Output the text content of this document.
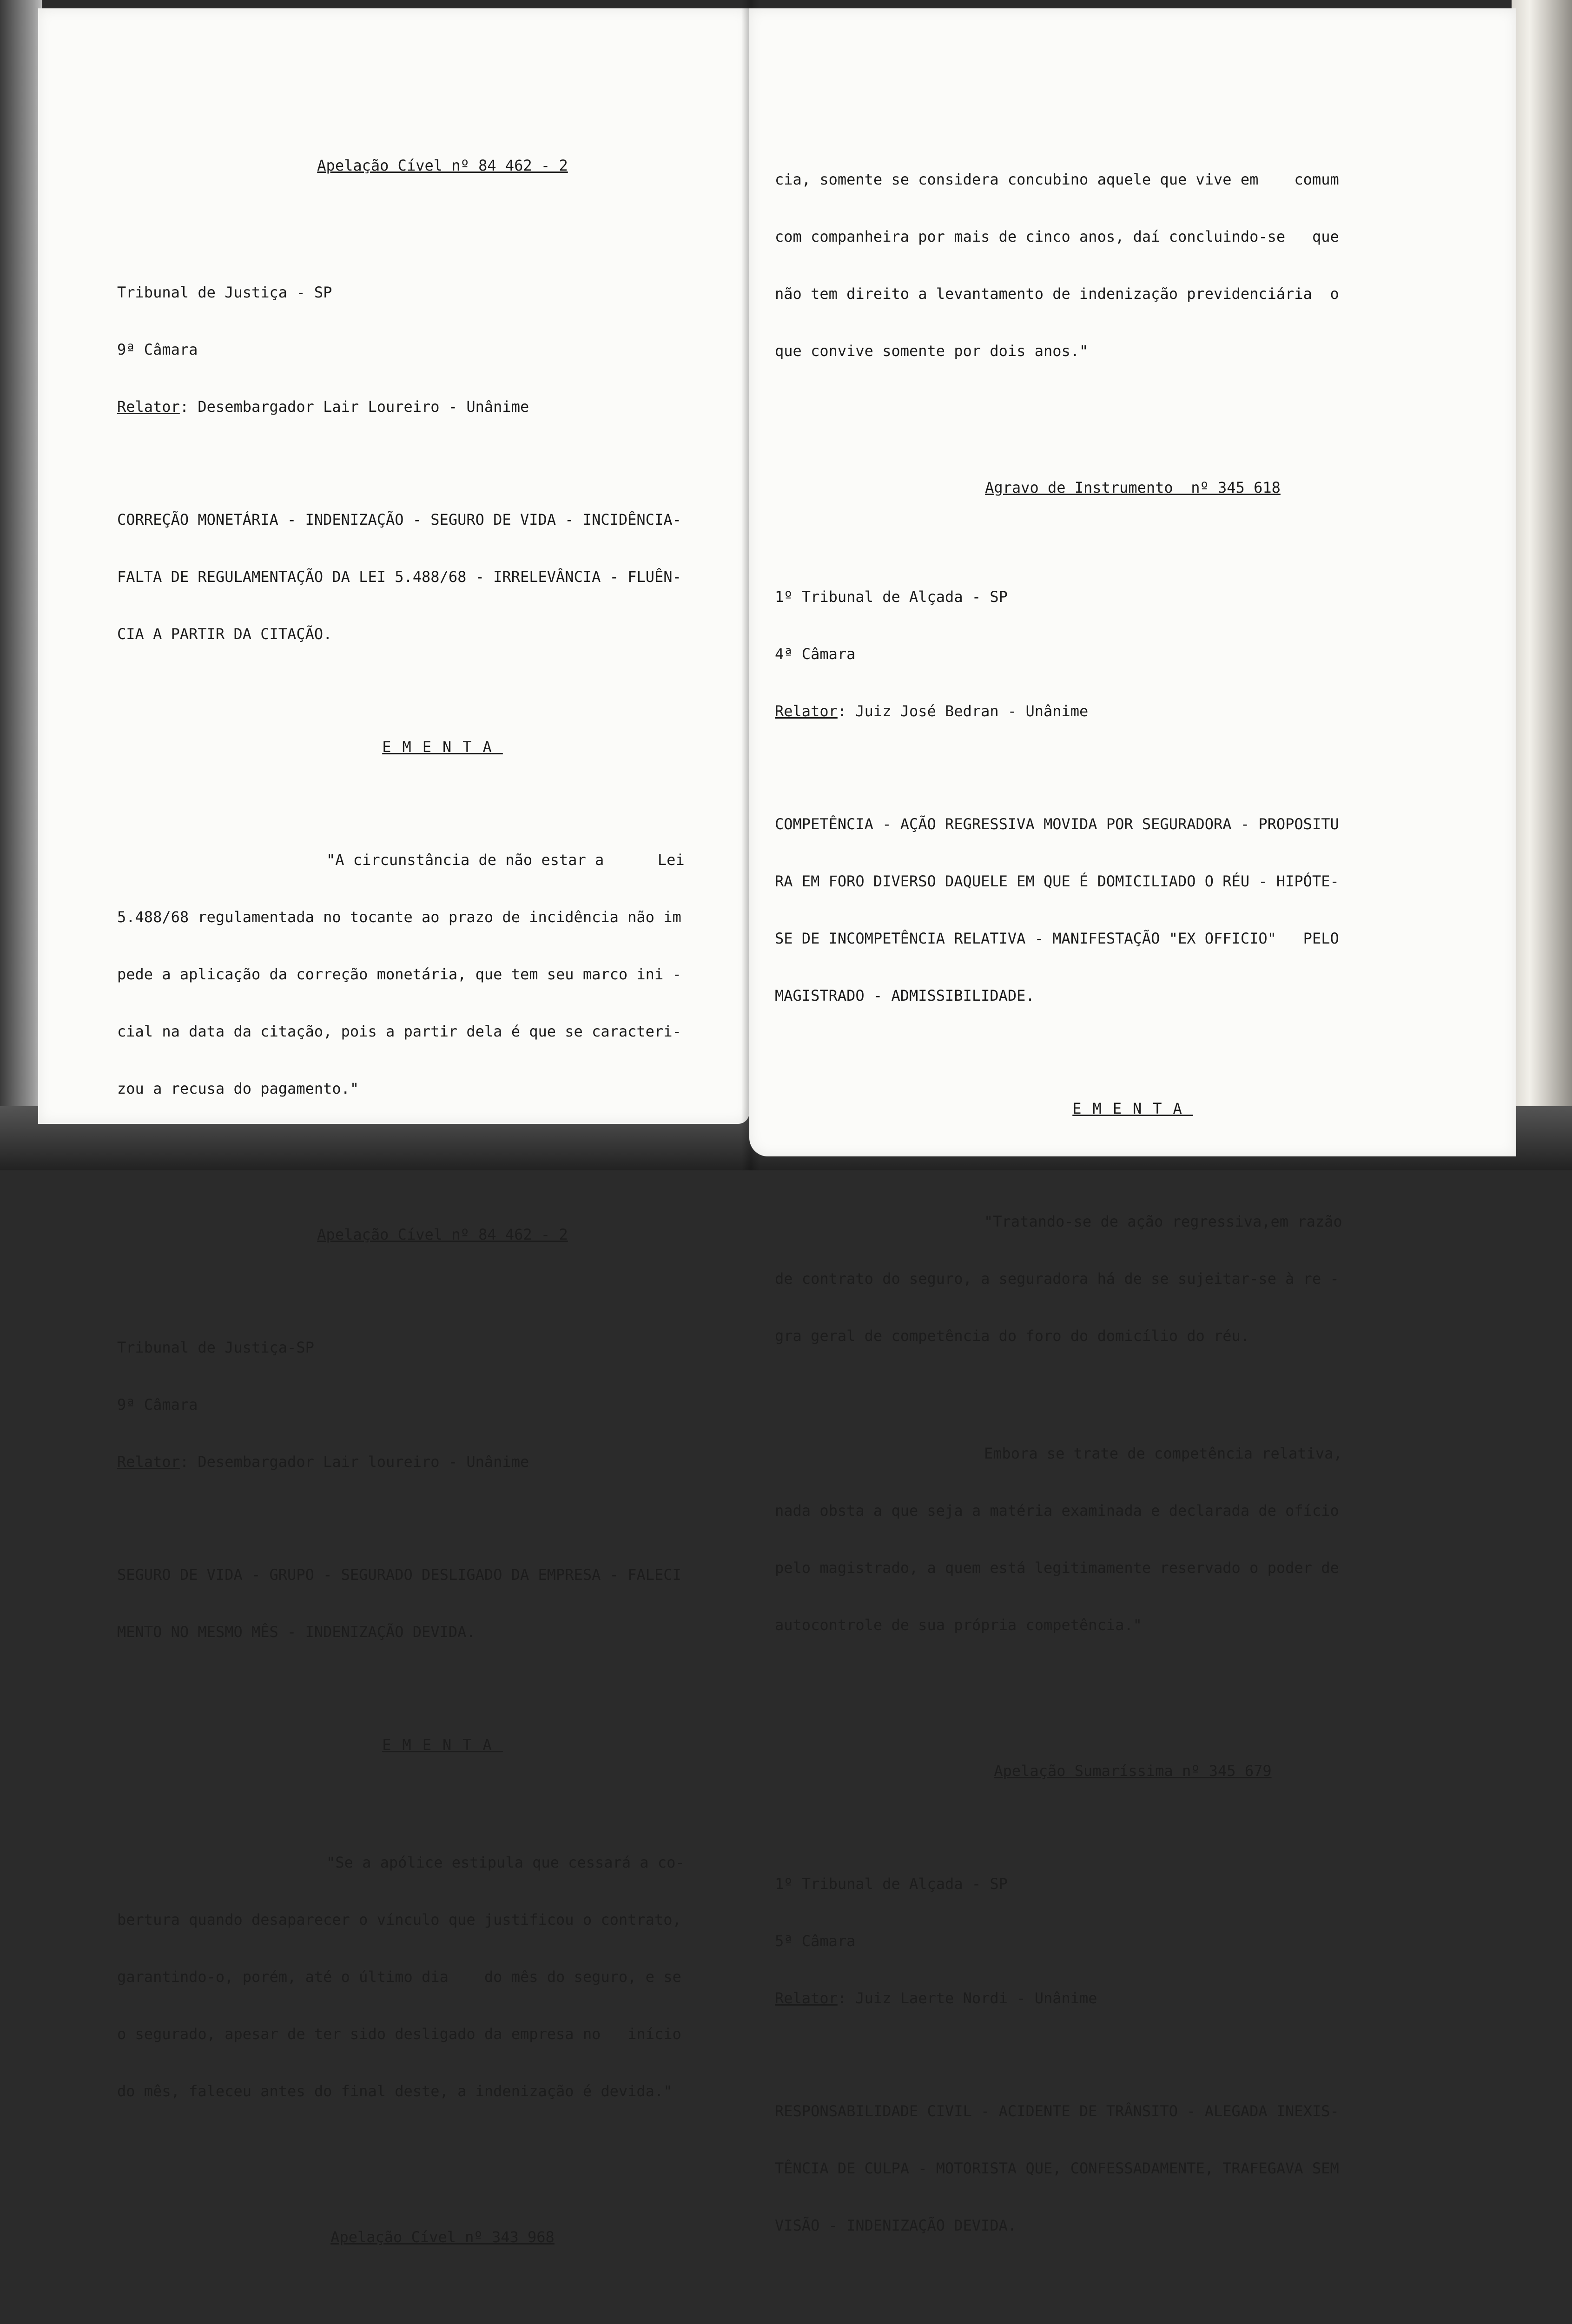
Apelação Cível nº 84 462 - 2

Tribunal de Justiça - SP

9ª Câmara

Relator: Desembargador Lair Loureiro - Unânime

CORREÇÃO MONETÁRIA - INDENIZAÇÃO - SEGURO DE VIDA - INCIDÊNCIA-

FALTA DE REGULAMENTAÇÃO DA LEI 5.488/68 - IRRELEVÂNCIA - FLUÊN-

CIA A PARTIR DA CITAÇÃO.

EMENTA

"A circunstância de não estar a      Lei

5.488/68 regulamentada no tocante ao prazo de incidência não im

pede a aplicação da correção monetária, que tem seu marco ini -

cial na data da citação, pois a partir dela é que se caracteri-

zou a recusa do pagamento."

Apelação Cível nº 84 462 - 2

Tribunal de Justiça-SP

9ª Câmara

Relator: Desembargador Lair loureiro - Unânime

SEGURO DE VIDA - GRUPO - SEGURADO DESLIGADO DA EMPRESA - FALECI

MENTO NO MESMO MÊS - INDENIZAÇÃO DEVIDA.

EMENTA

"Se a apólice estipula que cessará a co-

bertura quando desaparecer o vínculo que justificou o contrato,

garantindo-o, porém, até o último dia    do mês do seguro, e se

o segurado, apesar de ter sido desligado da empresa no   início

do mês, faleceu antes do final deste, a indenização é devida."

Apelação Cível nº 343 968

cia, somente se considera concubino aquele que vive em    comum

com companheira por mais de cinco anos, daí concluindo-se   que

não tem direito a levantamento de indenização previdenciária  o

que convive somente por dois anos."

Agravo de Instrumento  nº 345 618

1º Tribunal de Alçada - SP

4ª Câmara

Relator: Juiz José Bedran - Unânime

COMPETÊNCIA - AÇÃO REGRESSIVA MOVIDA POR SEGURADORA - PROPOSITU

RA EM FORO DIVERSO DAQUELE EM QUE É DOMICILIADO O RÉU - HIPÓTE-

SE DE INCOMPETÊNCIA RELATIVA - MANIFESTAÇÃO "EX OFFICIO"   PELO

MAGISTRADO - ADMISSIBILIDADE.

EMENTA

"Tratando-se de ação regressiva,em razão

de contrato do seguro, a seguradora há de se sujeitar-se à re -

gra geral de competência do foro do domicílio do réu.

Embora se trate de competência relativa,

nada obsta a que seja a matéria examinada e declarada de ofício

pelo magistrado, a quem está legitimamente reservado o poder de

autocontrole de sua própria competência."

Apelação Sumaríssima nº 345 679

1º Tribunal de Alçada - SP

5ª Câmara

Relator: Juiz Laerte Nordi - Unânime

RESPONSABILIDADE CIVIL - ACIDENTE DE TRÂNSITO - ALEGADA INEXIS-

TÊNCIA DE CULPA - MOTORISTA QUE, CONFESSADAMENTE, TRAFEGAVA SEM

VISÃO - INDENIZAÇÃO DEVIDA.
